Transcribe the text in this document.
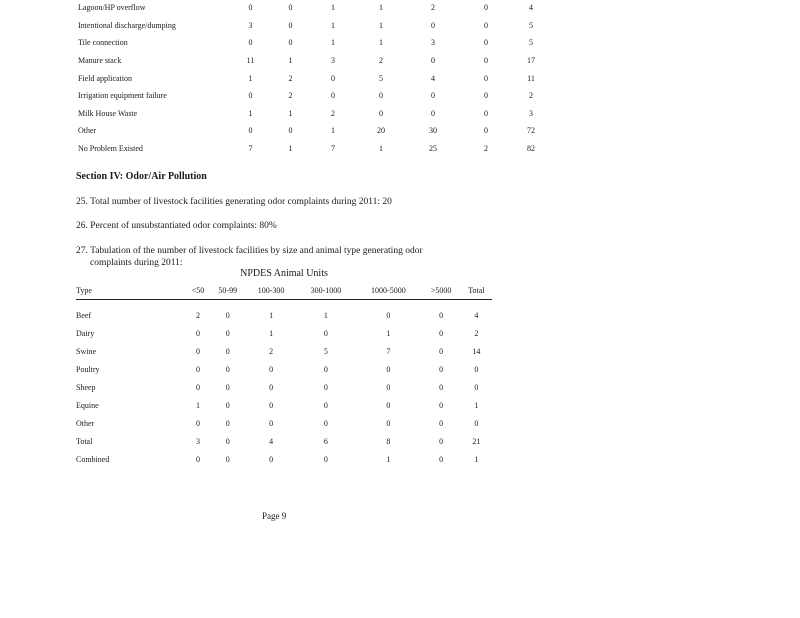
Lagoon/HP overflow	0	0	1	1	2	0	4
Intentional discharge/dumping	3	0	1	1	0	0	5
Tile connection	0	0	1	1	3	0	5
Manure stack	11	1	3	2	0	0	17
Field application	1	2	0	5	4	0	11
Irrigation equipment failure	0	2	0	0	0	0	2
Milk House Waste	1	1	2	0	0	0	3
Other	0	0	1	20	30	0	72
No Problem Existed	7	1	7	1	25	2	82
Section IV: Odor/Air Pollution
25. Total number of livestock facilities generating odor complaints during 2011: 20
26. Percent of unsubstantiated odor complaints: 80%
27. Tabulation of the number of livestock facilities by size and animal type generating odor
complaints during 2011:
NPDES Animal Units
Type	<50	50-99	100-300	300-1000	1000-5000	>5000	Total
Beef	2	0	1	1	0	0	4
Dairy	0	0	1	0	1	0	2
Swine	0	0	2	5	7	0	14
Poultry	0	0	0	0	0	0	0
Sheep	0	0	0	0	0	0	0
Equine	1	0	0	0	0	0	1
Other	0	0	0	0	0	0	0
Total	3	0	4	6	8	0	21
Combined	0	0	0	0	1	0	1
Page 9
